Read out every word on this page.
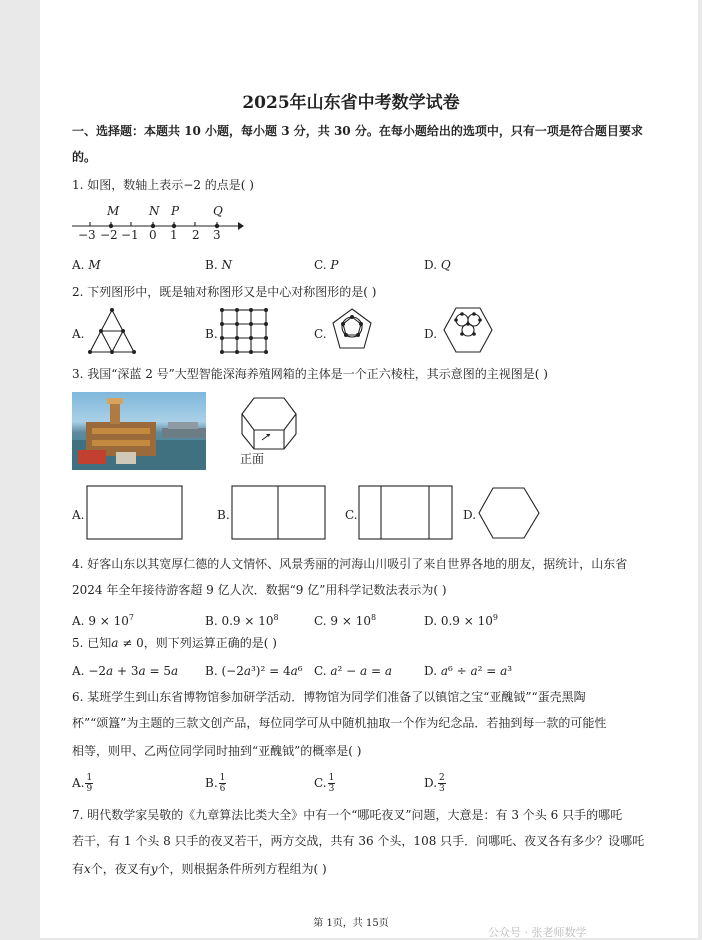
2025年山东省中考数学试卷
一、选择题：本题共 10 小题，每小题 3 分，共 30 分。在每小题给出的选项中，只有一项是符合题目要求
的。
1. 如图，数轴上表示−2 的点是( )
M N P	Q
−3 −2 −1 0 1 2 3
A. M	B. N	C. P	D. Q
2. 下列图形中，既是轴对称图形又是中心对称图形的是( )
A.	B.	C.	D.
3. 我国“深蓝 2 号”大型智能深海养殖网箱的主体是一个正六棱柱，其示意图的主视图是( )
正面
A.	B.	C.	D.
4. 好客山东以其宽厚仁德的人文情怀、风景秀丽的河海山川吸引了来自世界各地的朋友，据统计，山东省
2024 年全年接待游客超 9 亿人次．数据“9 亿”用科学记数法表示为( )
A. $9 \times 10^7$	B. $0.9 \times 10^8$	C. $9 \times 10^8$	D. $0.9 \times 10^9$
5. 已知𝑎 ≠ 0，则下列运算正确的是( )
A. −2𝑎 + 3𝑎 = 5𝑎 B. (−2𝑎³)² = 4𝑎⁶ C. 𝑎² − 𝑎 = 𝑎	D. 𝑎⁶ ÷ 𝑎² = 𝑎³
6. 某班学生到山东省博物馆参加研学活动．博物馆为同学们准备了以镇馆之宝“亚醜钺”“蛋壳黑陶
杯”“颂簋”为主题的三款文创产品，每位同学可从中随机抽取一个作为纪念品．若抽到每一款的可能性
相等，则甲、乙两位同学同时抽到“亚醜钺”的概率是( )
A. $\frac{1}{9}$	B. $\frac{1}{6}$	C. $\frac{1}{3}$	D. $\frac{2}{3}$
7. 明代数学家吴敬的《九章算法比类大全》中有一个“哪吒夜叉”问题，大意是：有 3 个头 6 只手的哪吒
若干，有 1 个头 8 只手的夜叉若干，两方交战，共有 36 个头，108 只手．问哪吒、夜叉各有多少？设哪吒
有𝑥个，夜叉有𝑦个，则根据条件所列方程组为( )
第 1页，共 15页
公众号 · 张老师数学
